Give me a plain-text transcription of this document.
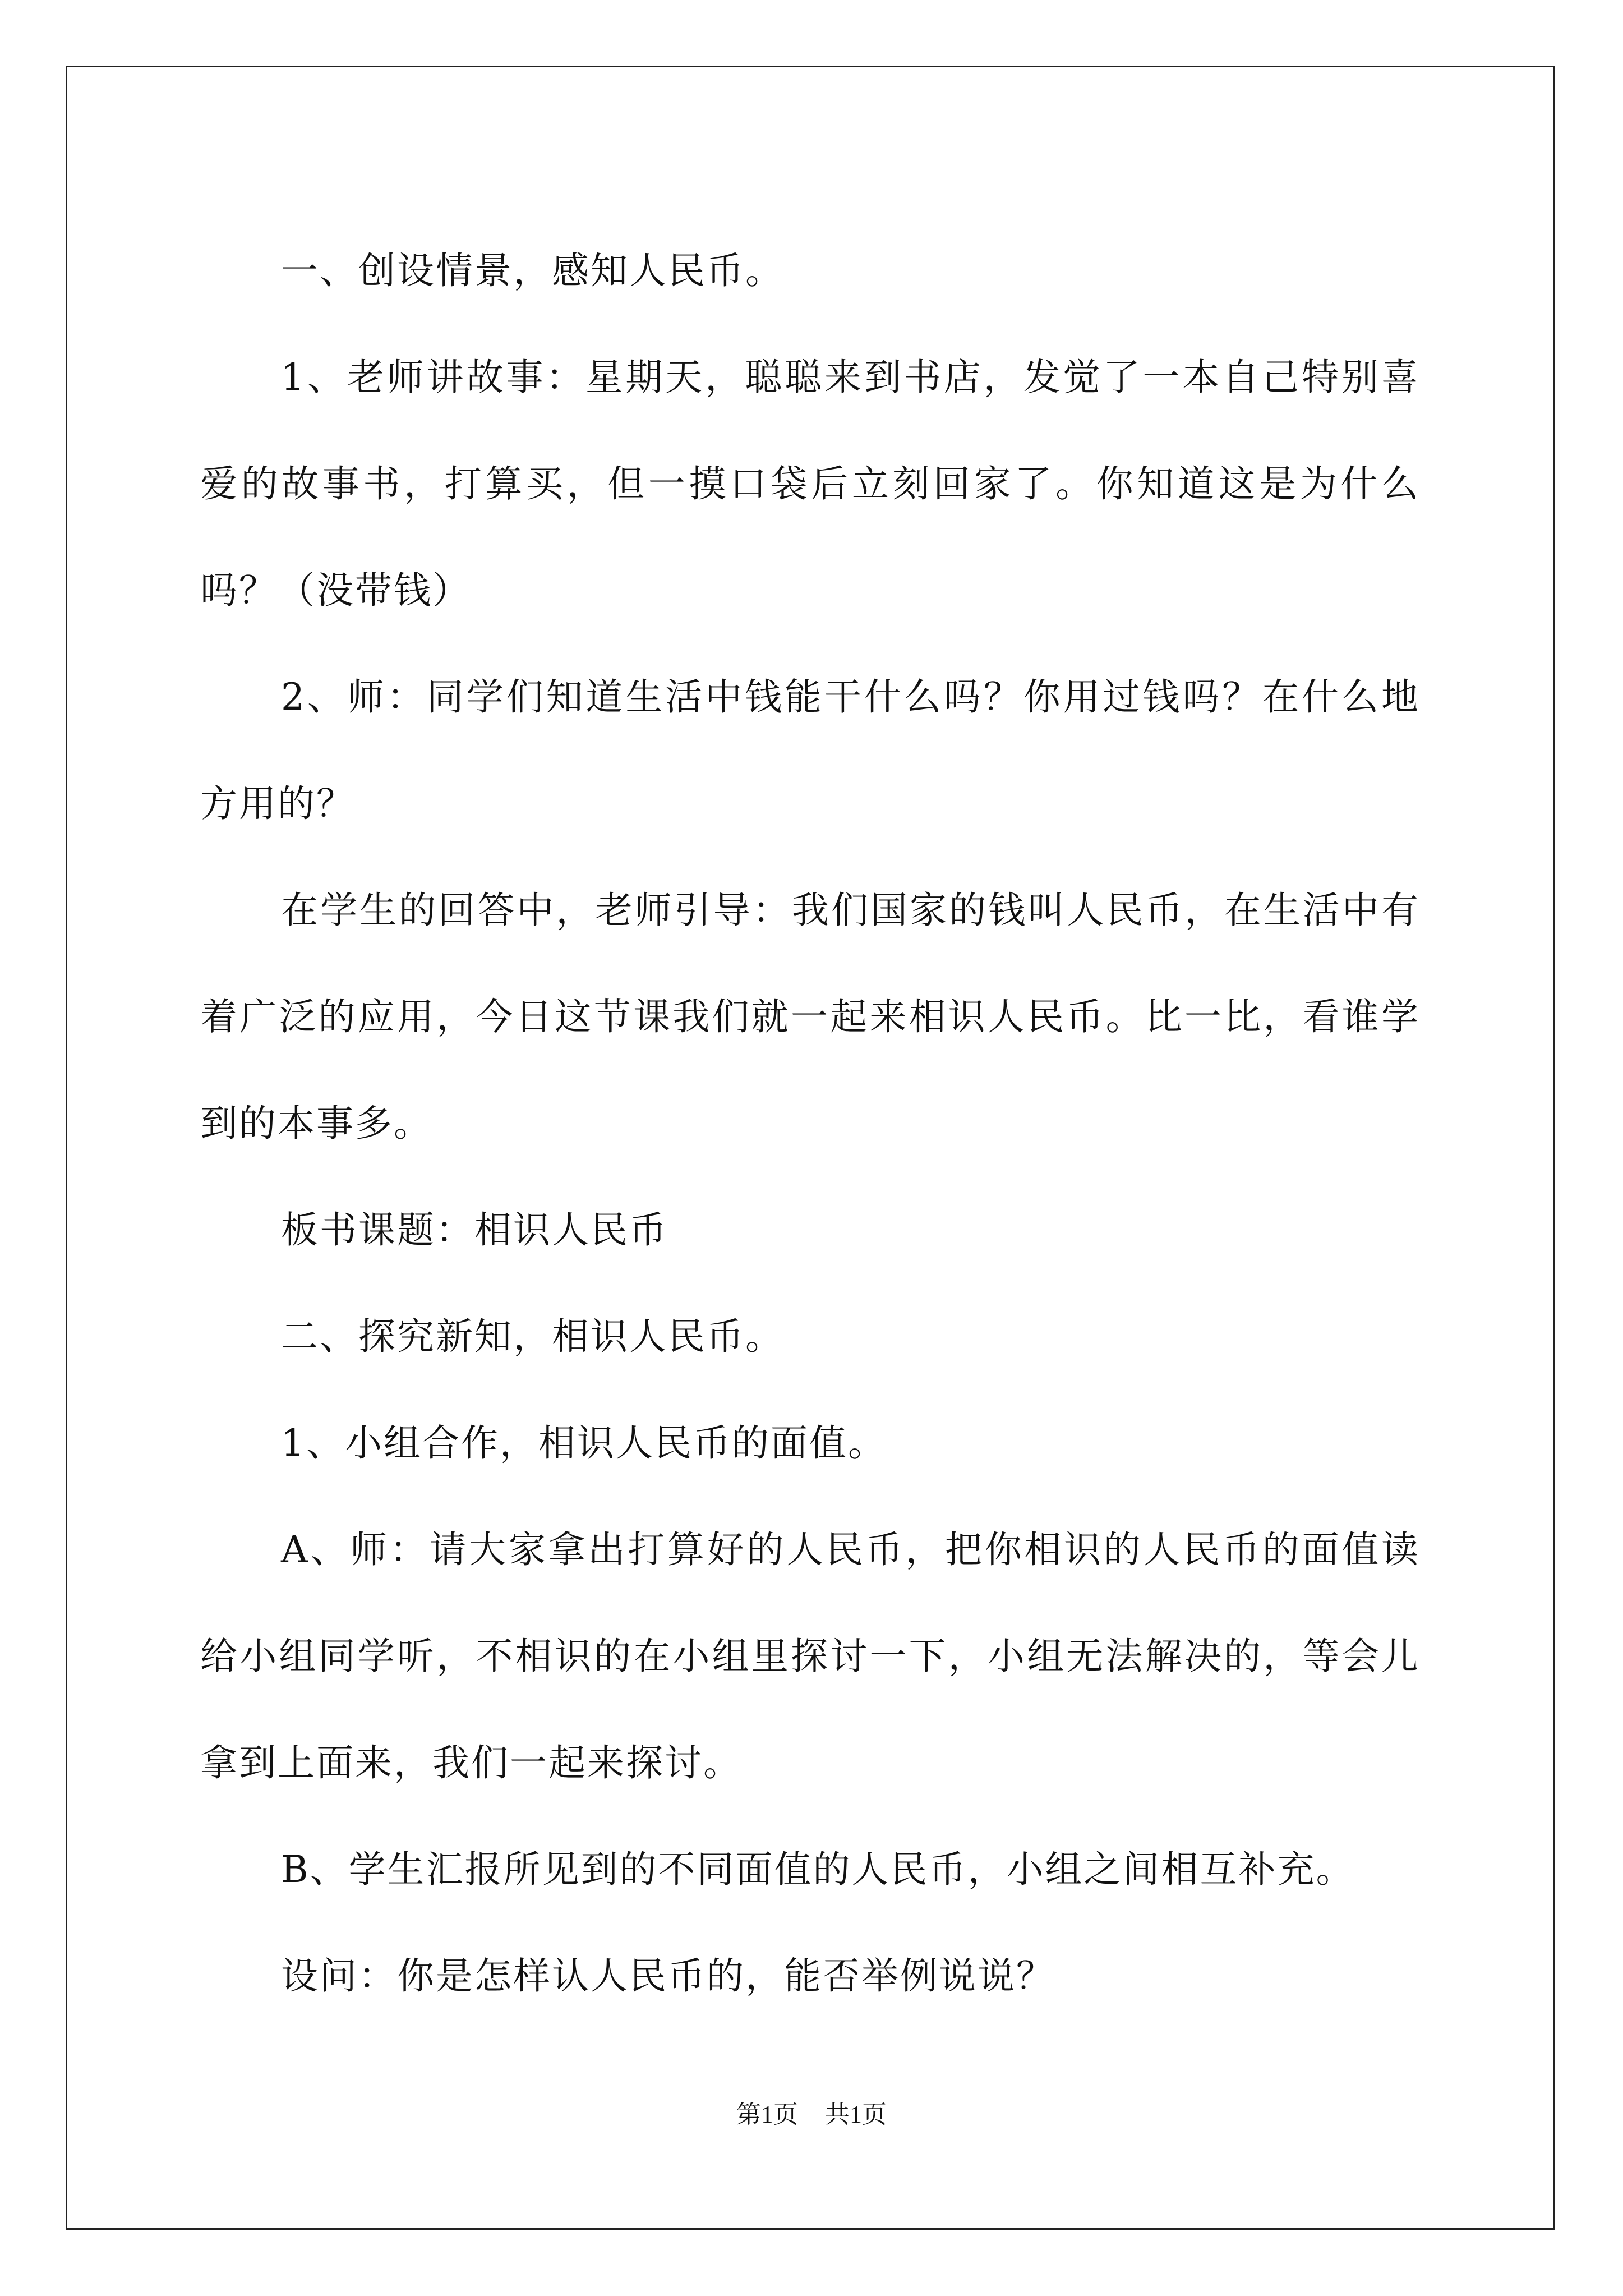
一、创设情景，感知人民币。

1、老师讲故事：星期天，聪聪来到书店，发觉了一本自己特别喜爱的故事书，打算买，但一摸口袋后立刻回家了。你知道这是为什么吗？（没带钱）

2、师：同学们知道生活中钱能干什么吗？你用过钱吗？在什么地方用的？

在学生的回答中，老师引导：我们国家的钱叫人民币，在生活中有着广泛的应用，今日这节课我们就一起来相识人民币。比一比，看谁学到的本事多。

板书课题：相识人民币

二、探究新知，相识人民币。

1、小组合作，相识人民币的面值。

A、师：请大家拿出打算好的人民币，把你相识的人民币的面值读给小组同学听，不相识的在小组里探讨一下，小组无法解决的，等会儿拿到上面来，我们一起来探讨。

B、学生汇报所见到的不同面值的人民币，小组之间相互补充。

设问：你是怎样认人民币的，能否举例说说？

第1页 共1页
